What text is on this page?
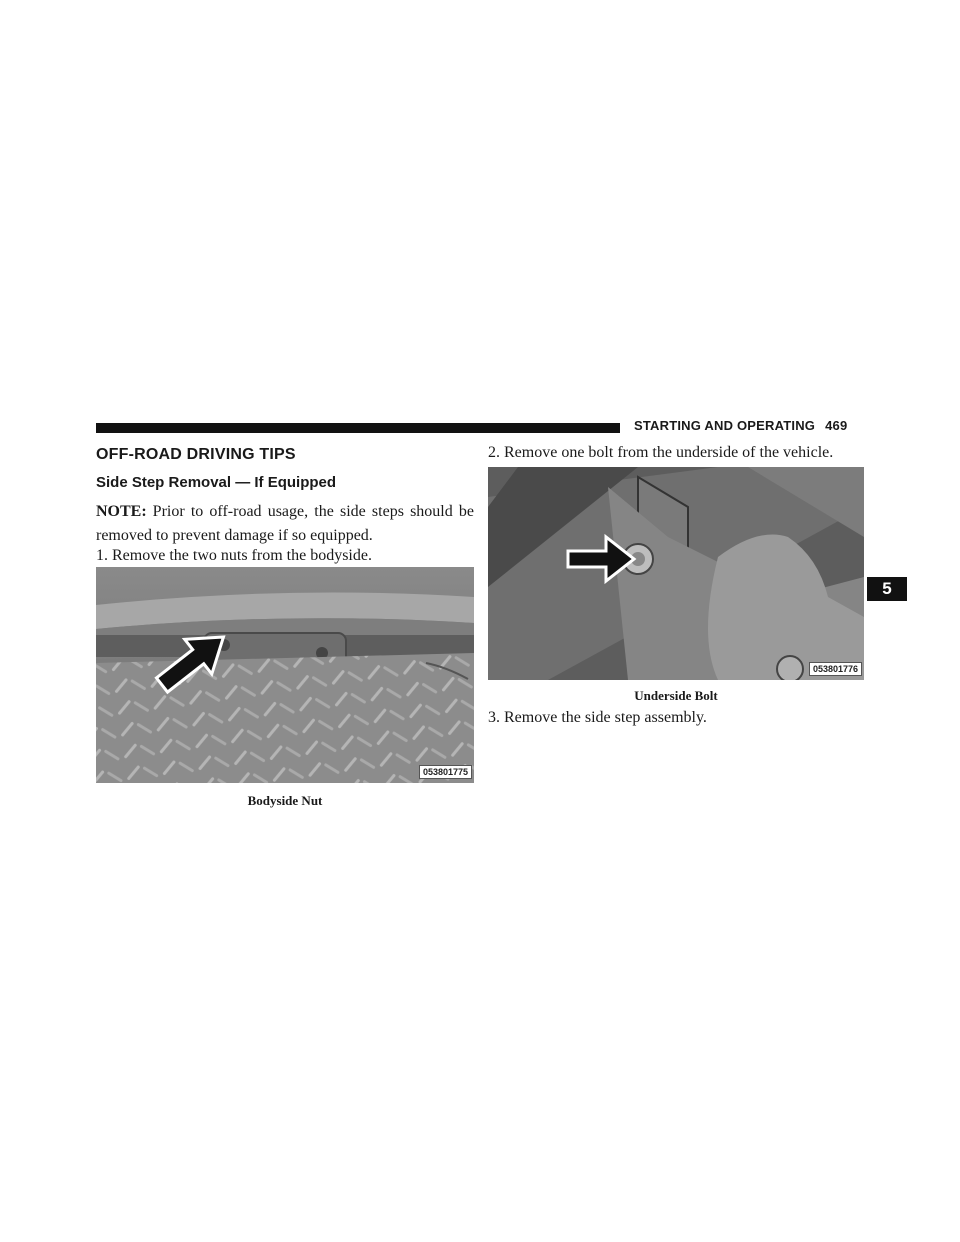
STARTING AND OPERATING 469
5
OFF-ROAD DRIVING TIPS
Side Step Removal — If Equipped
NOTE: Prior to off-road usage, the side steps should be removed to prevent damage if so equipped.
1. Remove the two nuts from the bodyside.
053801775
Bodyside Nut
2. Remove one bolt from the underside of the vehicle.
053801776
Underside Bolt
3. Remove the side step assembly.
